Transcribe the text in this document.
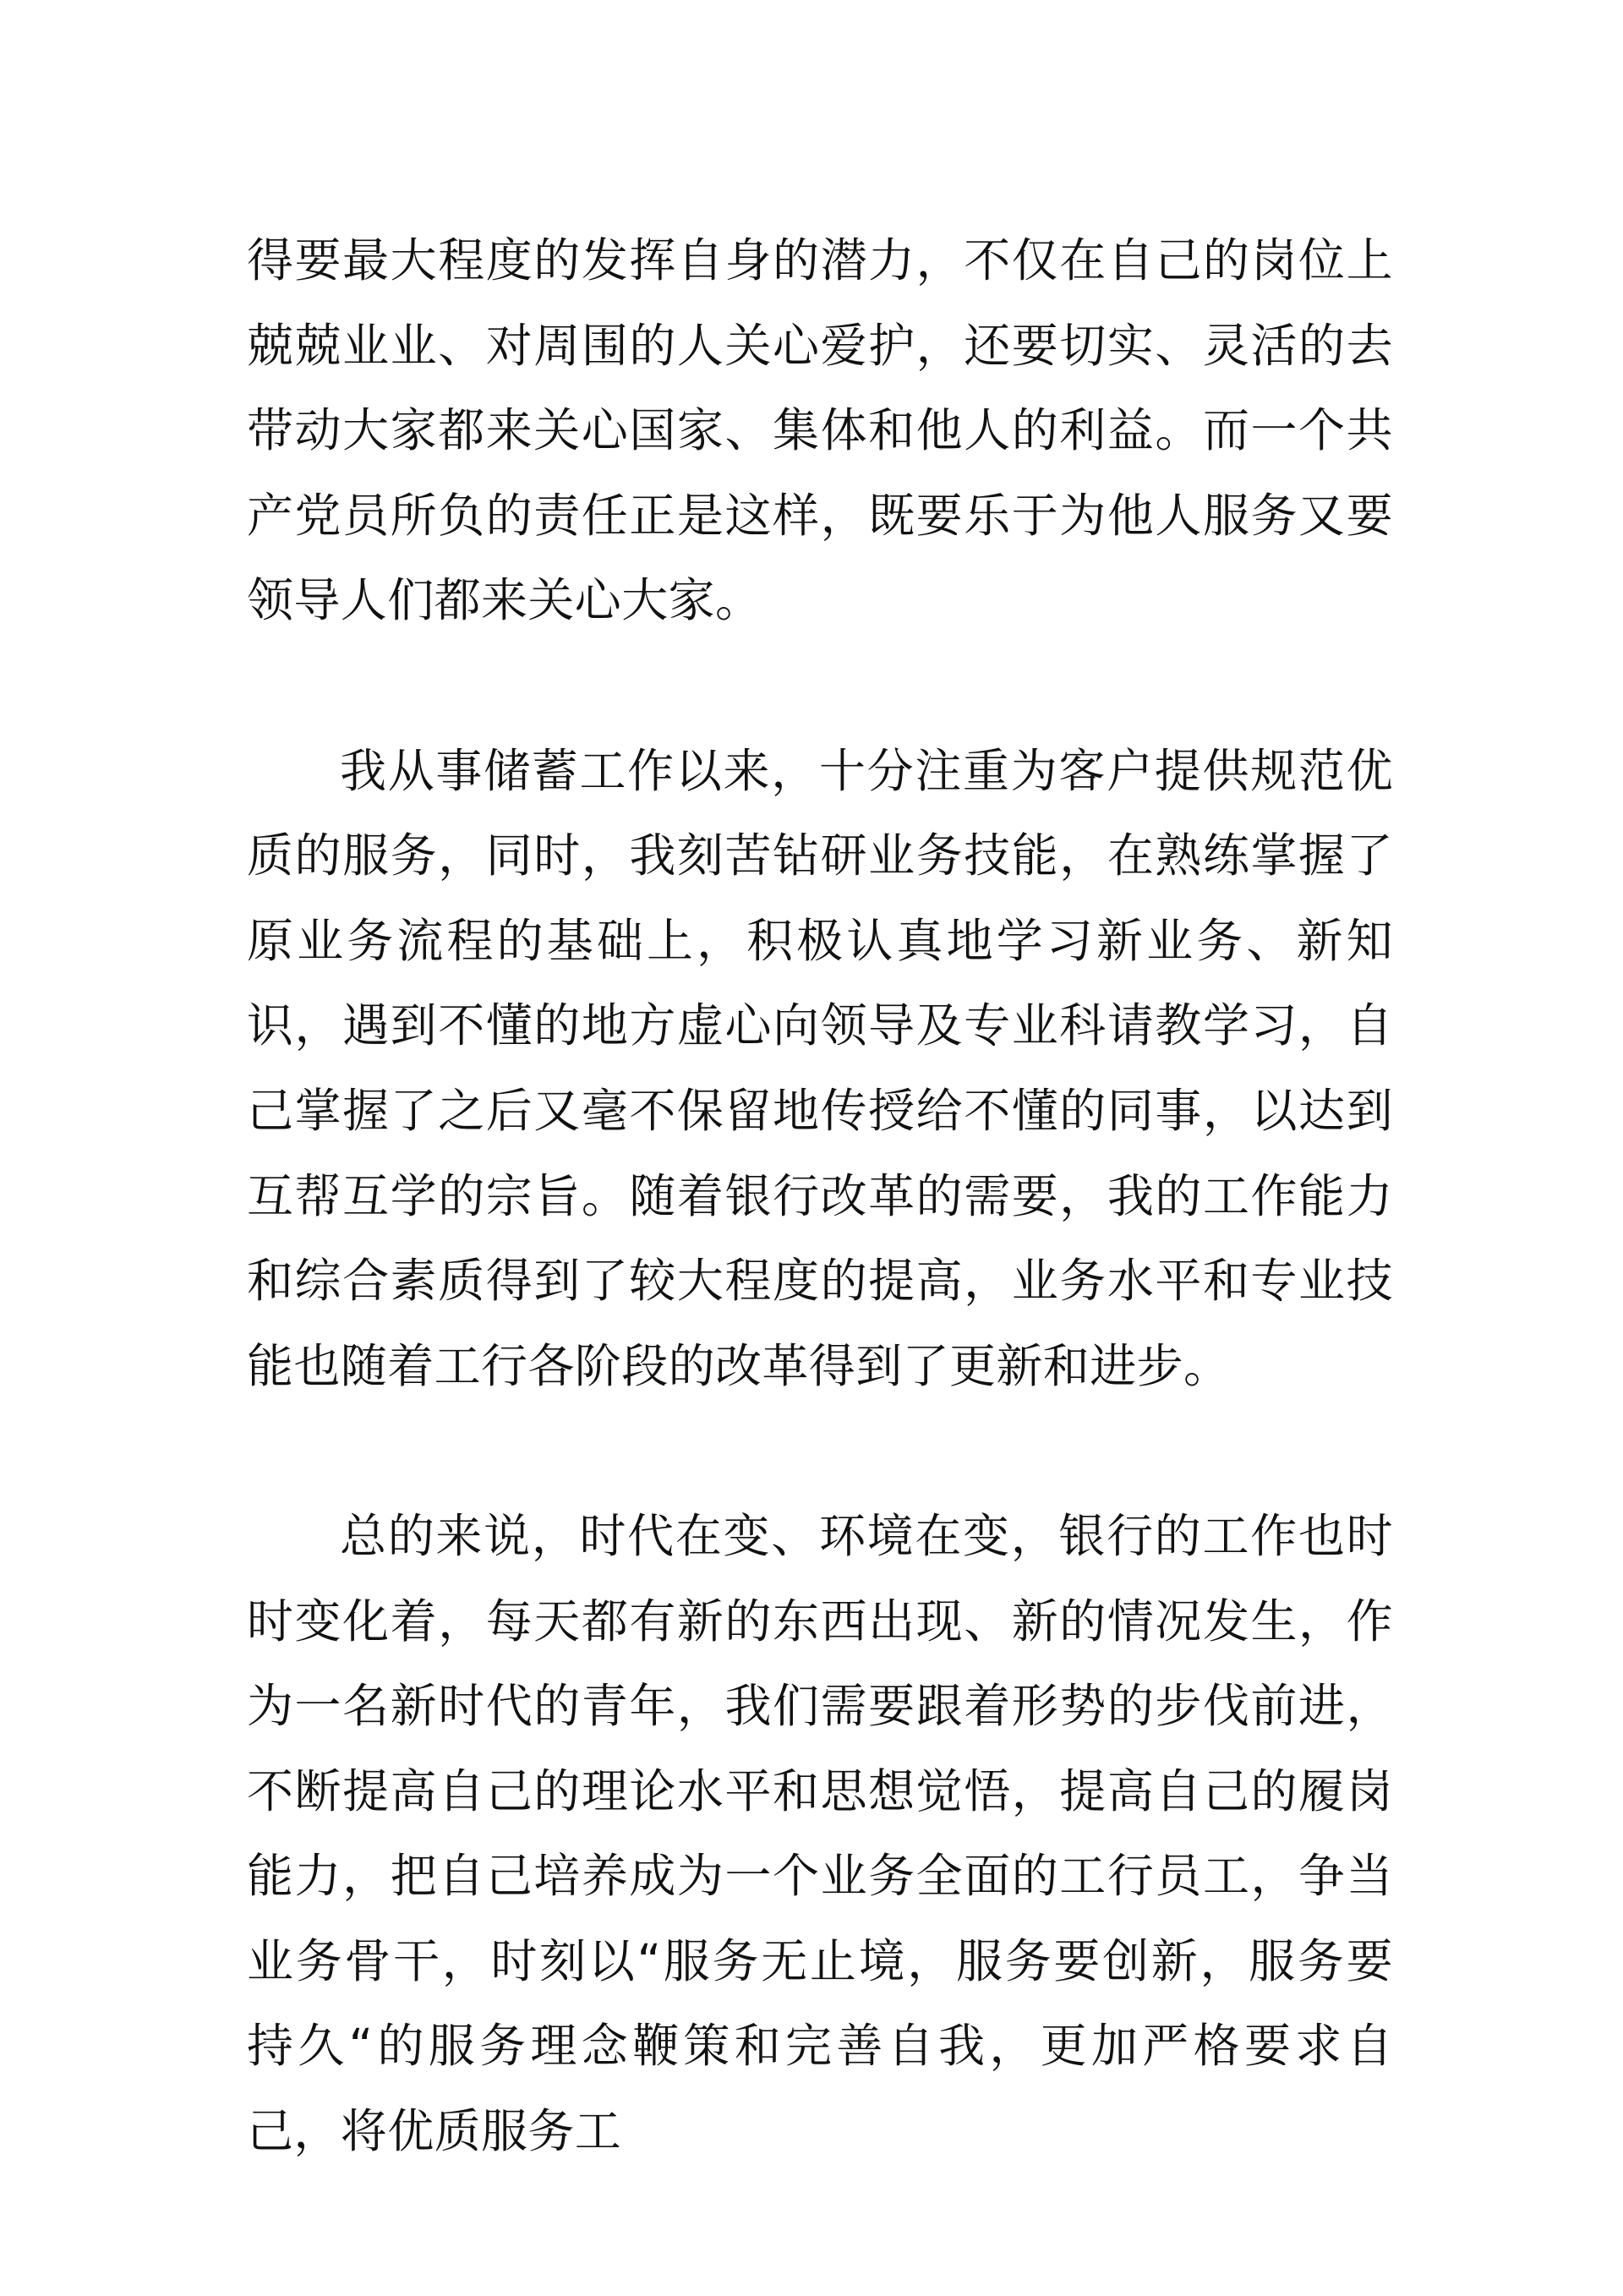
得要最大程度的发挥自身的潜力，不仅在自己的岗位上兢兢业业、对周围的人关心爱护，还要切实、灵活的去带动大家都来关心国家、集体和他人的利益。而一个共产党员所负的责任正是这样，既要乐于为他人服务又要领导人们都来关心大家。

我从事储蓄工作以来，十分注重为客户提供规范优质的服务，同时，我刻苦钻研业务技能，在熟练掌握了原业务流程的基础上，积极认真地学习新业务、新知识，遇到不懂的地方虚心向领导及专业科请教学习，自己掌握了之后又毫不保留地传授给不懂的同事，以达到互帮互学的宗旨。随着银行改革的需要，我的工作能力和综合素质得到了较大程度的提高，业务水平和专业技能也随着工行各阶段的改革得到了更新和进步。

总的来说，时代在变、环境在变，银行的工作也时时变化着，每天都有新的东西出现、新的情况发生，作为一名新时代的青年，我们需要跟着形势的步伐前进，不断提高自己的理论水平和思想觉悟，提高自己的履岗能力，把自己培养成为一个业务全面的工行员工，争当业务骨干，时刻以“服务无止境，服务要创新，服务要持久“的服务理念鞭策和完善自我，更加严格要求自己，将优质服务工
